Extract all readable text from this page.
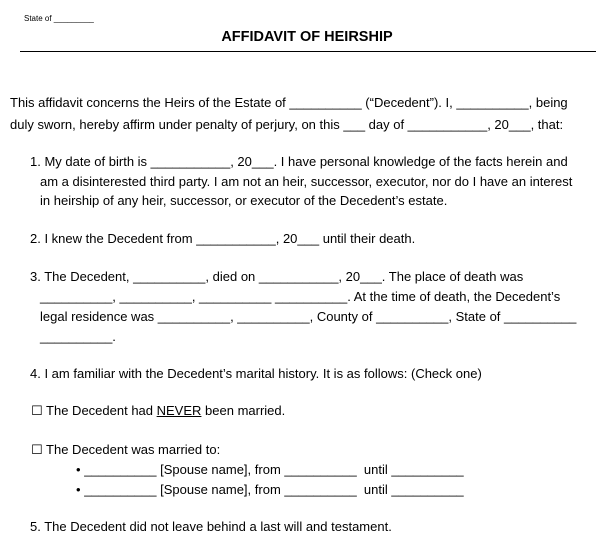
State of _________
AFFIDAVIT OF HEIRSHIP
This affidavit concerns the Heirs of the Estate of __________ (“Decedent”). I, __________, being
duly sworn, hereby affirm under penalty of perjury, on this ___ day of ___________, 20___, that:
1. My date of birth is ___________, 20___. I have personal knowledge of the facts herein and
am a disinterested third party. I am not an heir, successor, executor, nor do I have an interest
in heirship of any heir, successor, or executor of the Decedent’s estate.
2. I knew the Decedent from ___________, 20___ until their death.
3. The Decedent, __________, died on ___________, 20___. The place of death was
__________, __________, __________ __________. At the time of death, the Decedent’s
legal residence was __________, __________, County of __________, State of __________
__________.
4. I am familiar with the Decedent’s marital history. It is as follows: (Check one)
☐ The Decedent had NEVER been married.
☐ The Decedent was married to:
• __________ [Spouse name], from __________  until __________
• __________ [Spouse name], from __________  until __________
5. The Decedent did not leave behind a last will and testament.
